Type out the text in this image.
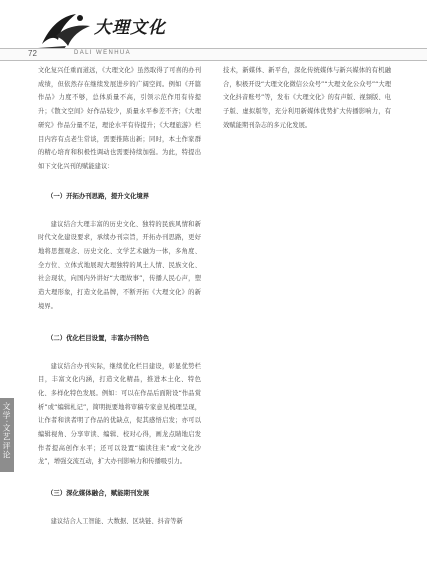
大理文化
72	DALI WENHUA
文学·文艺评论

文化复兴任重而道远，《大理文化》虽然取得了可喜的办刊成绩，但依然存在继续发展进步的广阔空间。例如《开篇作品》力度不够，总体质量不高，引领示范作用有待提升；《散文空间》好作品较少，质量水平参差不齐；《大理研究》作品分量不足，理论水平有待提升；《大理旅游》栏目内容有点老生常谈，需要推陈出新；同时，本土作家群的精心培育和积极性调动也需要持续加强。为此，特提出如下文化兴刊的赋能建议：

（一）开拓办刊思路，提升文化境界

建议结合大理丰富的历史文化、独特的民族风情和新时代文化建设要求，承续办刊宗旨，开拓办刊思路，更好地将思想观念、历史文化、文学艺术融为一体，多角度、全方位、立体式地展现大理独特的风土人情、民族文化、社会现状，向国内外讲好“大理故事”，传播人民心声，塑造大理形象，打造文化品牌，不断开拓《大理文化》的新境界。

（二）优化栏目设置，丰富办刊特色

建议结合办刊实际，继续优化栏目建设，彰显优势栏目，丰富文化内涵，打造文化精品，推进本土化、特色化、多样化特色发展。例如：可以在作品后面附设“作品赏析”或“编辑札记”，简明扼要地将审稿专家意见梳理呈现，让作者和读者明了作品的优缺点，促其感悟启发；亦可以编辑视角、分享审读、编辑、校对心得，画龙点睛地启发作者提高创作水平；还可以设置“编读往来”或“文化沙龙”，增强交流互动，扩大办刊影响力和传播吸引力。

（三）深化媒体融合，赋能期刊发展

建议结合人工智能、大数据、区块链、抖音等新

技术，新媒体、新平台，深化传统媒体与新兴媒体的有机融合，积极开设“大理文化微信公众号”“大理文化公众号”“大理文化抖音账号”等，发布《大理文化》的有声版、视频版、电子版、虚拟版等，充分利用新媒体优势扩大传播影响力，有效赋能期刊杂志的多元化发展。
